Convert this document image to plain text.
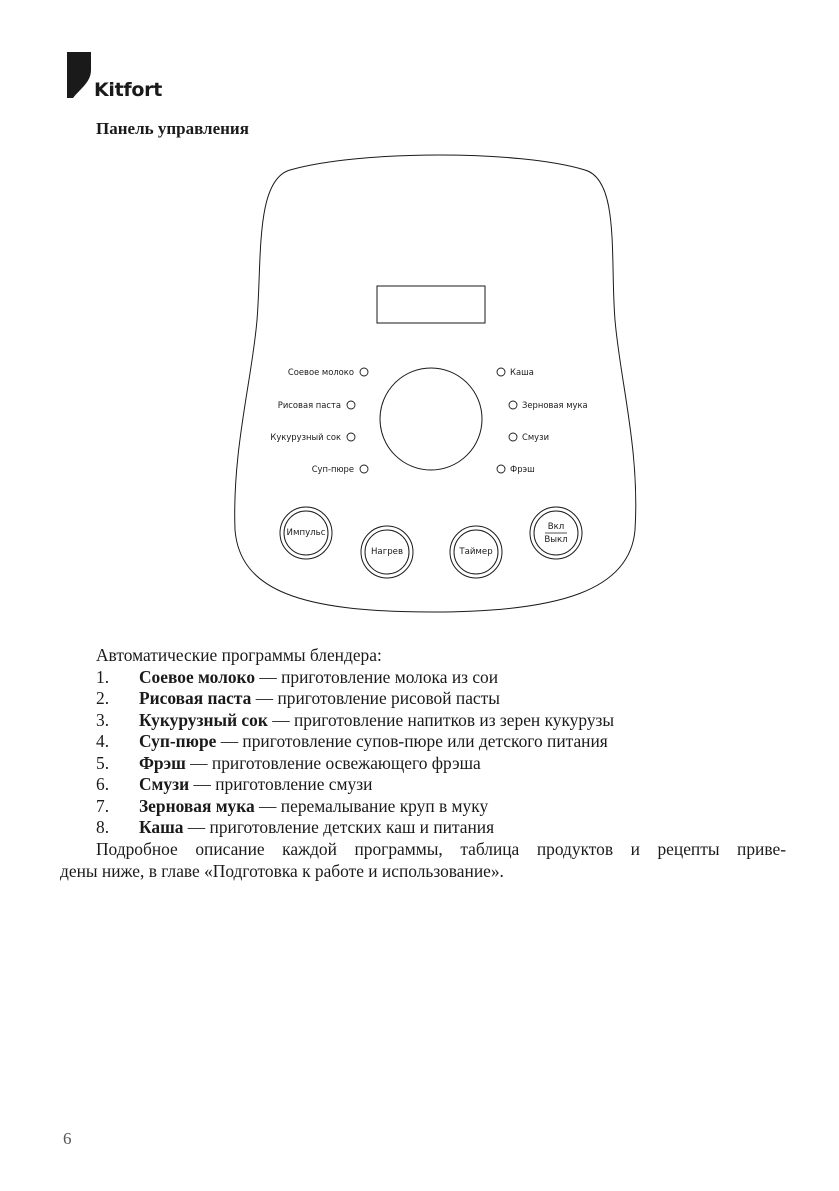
Kitfort
Панель управления
Соевое молоко
Рисовая паста
Кукурузный сок
Суп-пюре
Каша
Зерновая мука
Смузи
Фрэш
Импульс
Нагрев	Таймер
Вкл
Выкл
Автоматические программы блендера:
1. Соевое молоко — приготовление молока из сои
2. Рисовая паста — приготовление рисовой пасты
3. Кукурузный сок — приготовление напитков из зерен кукурузы
4. Суп-пюре — приготовление супов-пюре или детского питания
5. Фрэш — приготовление освежающего фрэша
6. Смузи — приготовление смузи
7. Зерновая мука — перемалывание круп в муку
8. Каша — приготовление детских каш и питания
Подробное описание каждой программы, таблица продуктов и рецепты приве-
дены ниже, в главе «Подготовка к работе и использование».
6
